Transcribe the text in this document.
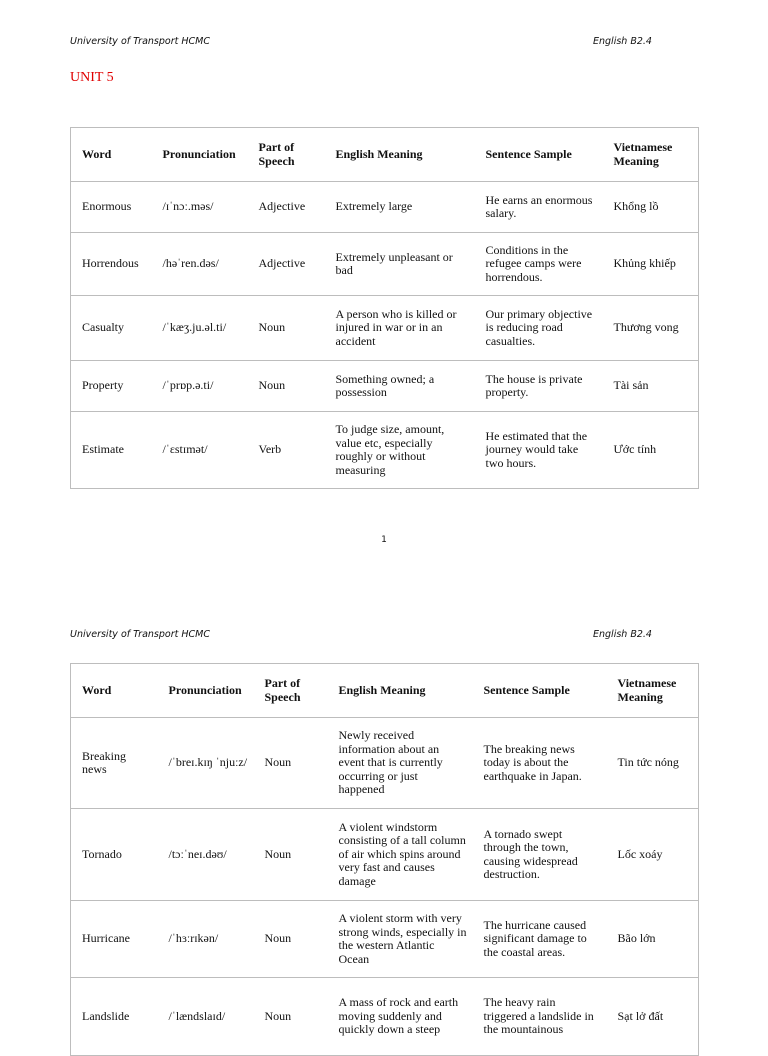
University of Transport HCMC	English B2.4
UNIT 5
Word	Pronunciation	Part of Speech	English Meaning	Sentence Sample	Vietnamese Meaning
Enormous	/ɪˈnɔː.məs/	Adjective	Extremely large	He earns an enormous salary.	Khổng lồ
Horrendous	/həˈren.dəs/	Adjective	Extremely unpleasant or bad	Conditions in the refugee camps were horrendous.	Khủng khiếp
Casualty	/ˈkæʒ.ju.əl.ti/	Noun	A person who is killed or injured in war or in an accident	Our primary objective is reducing road casualties.	Thương vong
Property	/ˈprɒp.ə.ti/	Noun	Something owned; a possession	The house is private property.	Tài sản
Estimate	/ˈɛstɪmət/	Verb	To judge size, amount, value etc, especially roughly or without measuring	He estimated that the journey would take two hours.	Ước tính
1
University of Transport HCMC	English B2.4
Word	Pronunciation	Part of Speech	English Meaning	Sentence Sample	Vietnamese Meaning
Breaking news	/ˈbreɪ.kɪŋ ˈnjuːz/	Noun	Newly received information about an event that is currently occurring or just happened	The breaking news today is about the earthquake in Japan.	Tin tức nóng
Tornado	/tɔːˈneɪ.dəʊ/	Noun	A violent windstorm consisting of a tall column of air which spins around very fast and causes damage	A tornado swept through the town, causing widespread destruction.	Lốc xoáy
Hurricane	/ˈhɜːrɪkən/	Noun	A violent storm with very strong winds, especially in the western Atlantic Ocean	The hurricane caused significant damage to the coastal areas.	Bão lớn
Landslide	/ˈlændslaɪd/	Noun	A mass of rock and earth moving suddenly and quickly down a steep	The heavy rain triggered a landslide in the mountainous	Sạt lở đất
